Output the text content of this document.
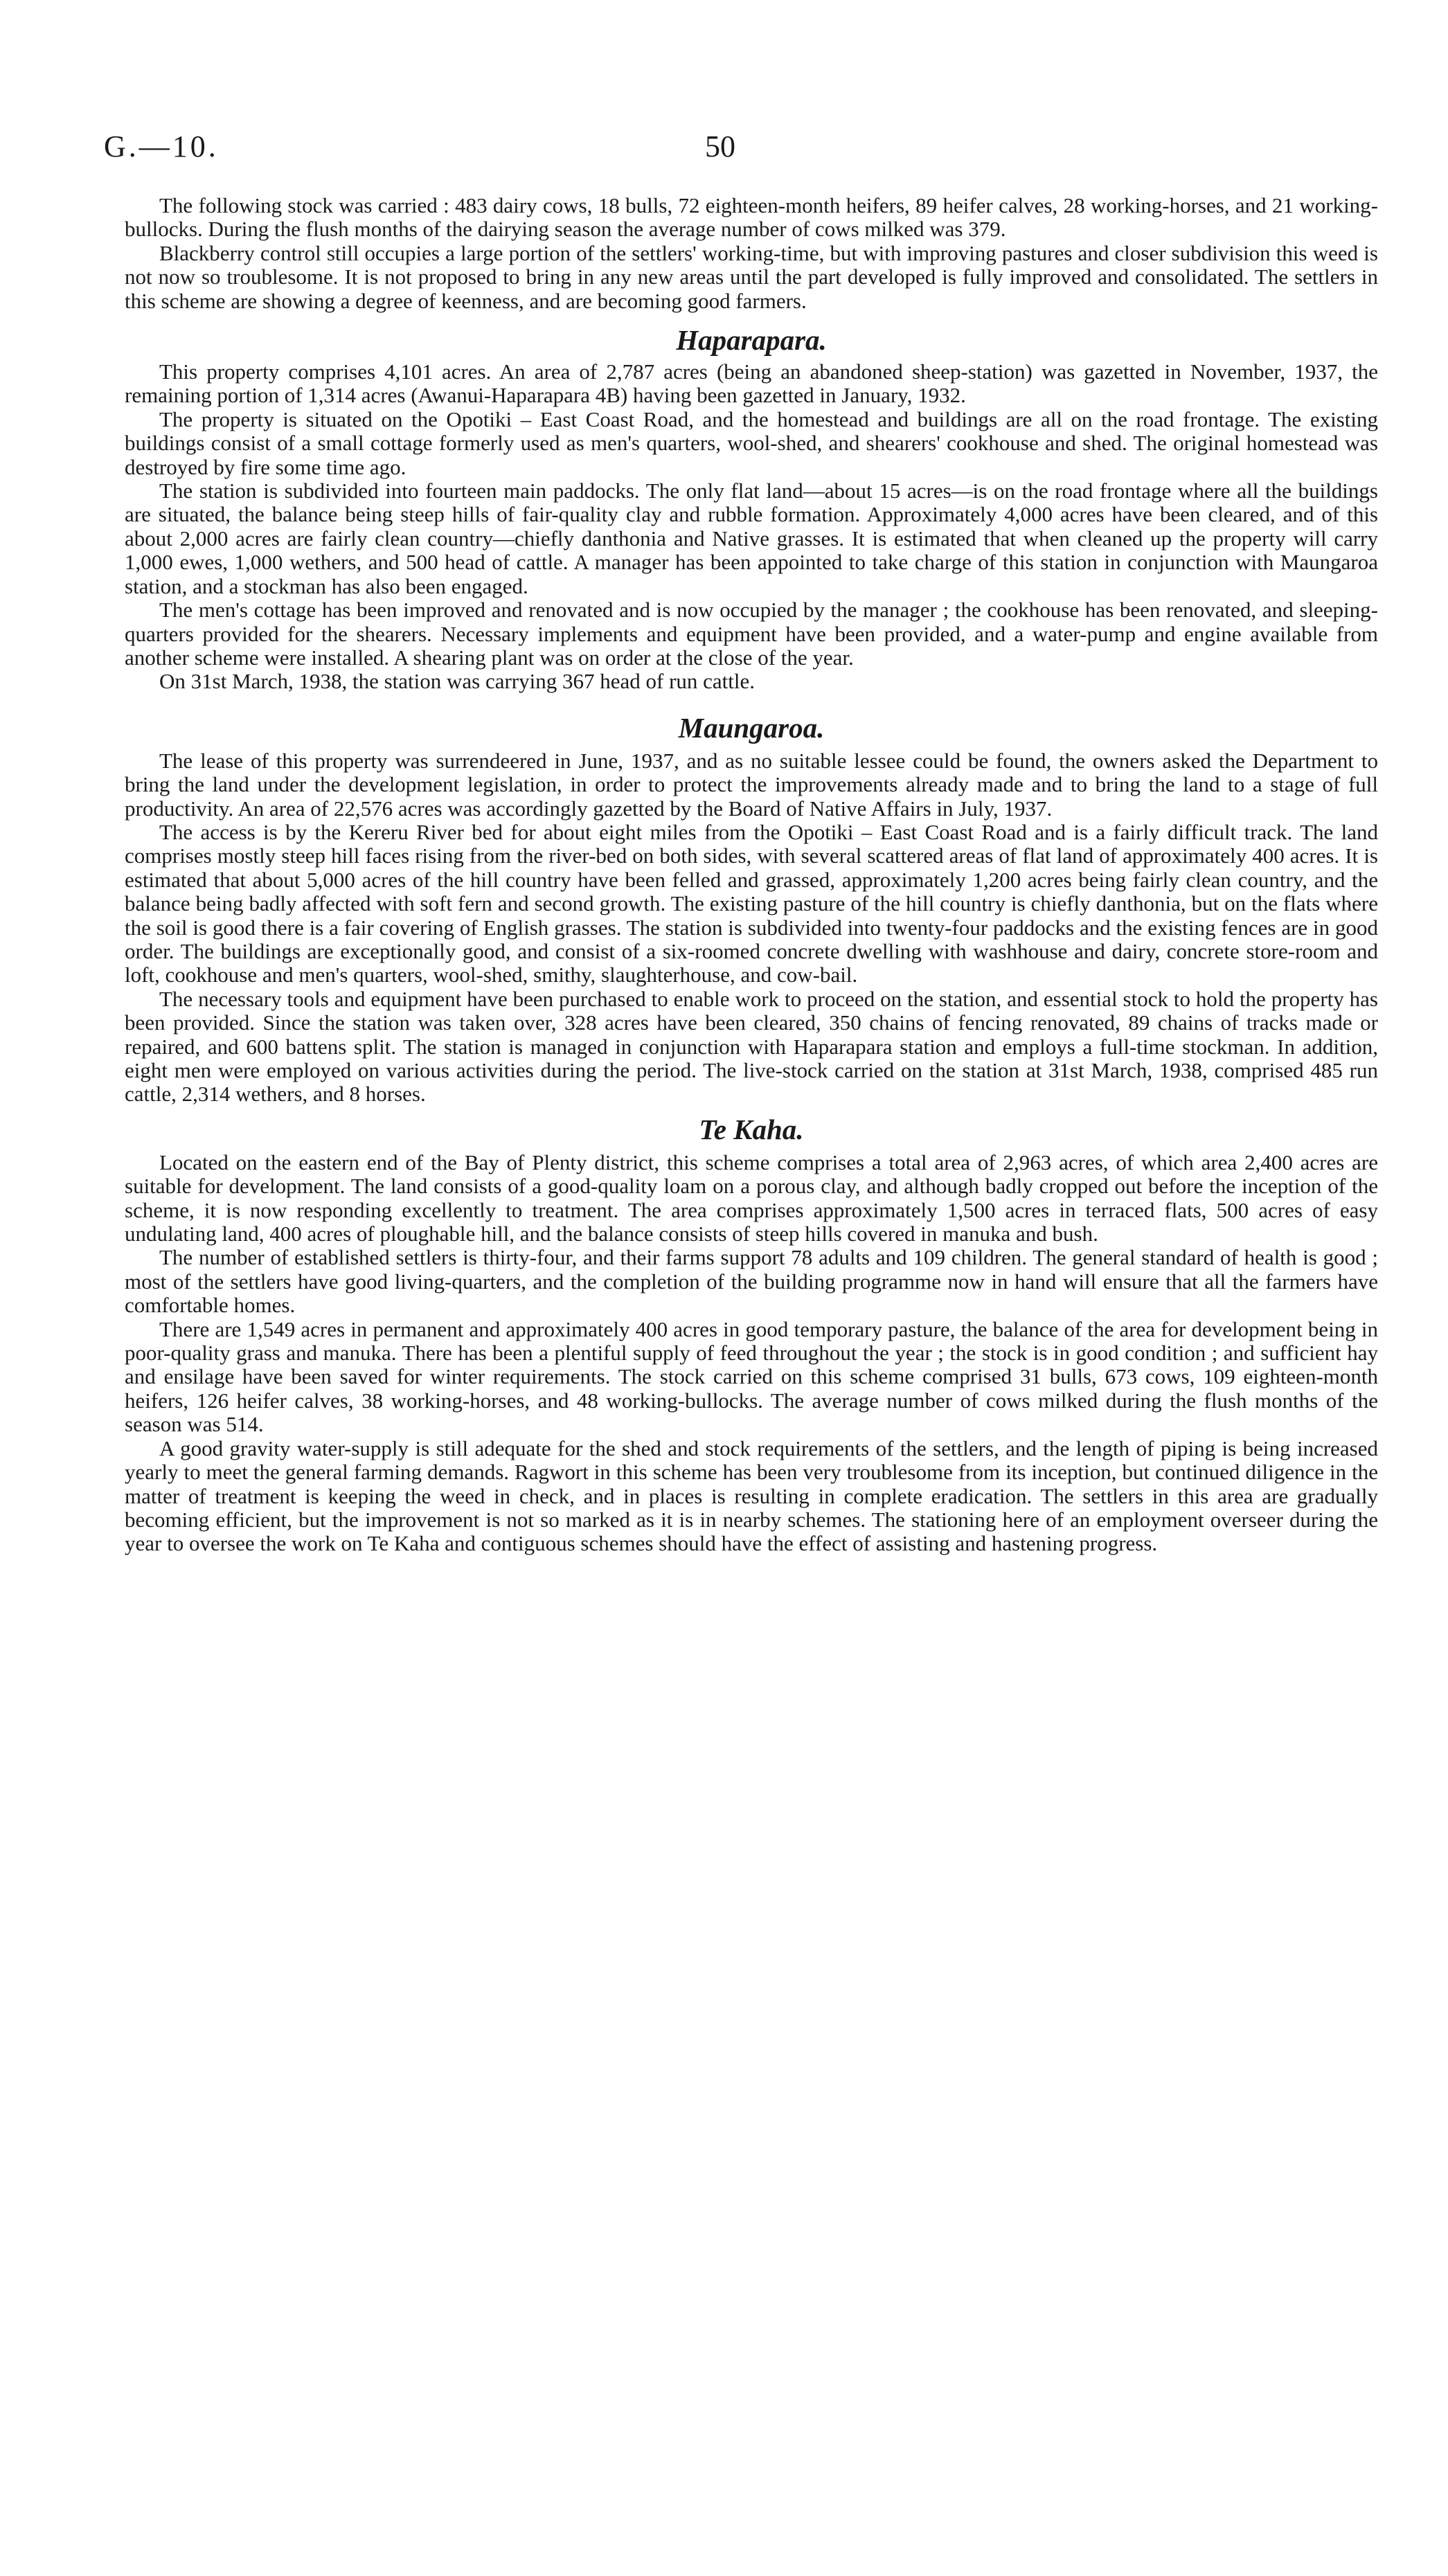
G.—10.	50

The following stock was carried : 483 dairy cows, 18 bulls, 72 eighteen-month heifers, 89 heifer calves, 28 working-horses, and 21 working-bullocks. During the flush months of the dairying season the average number of cows milked was 379.

Blackberry control still occupies a large portion of the settlers' working-time, but with improving pastures and closer subdivision this weed is not now so troublesome. It is not proposed to bring in any new areas until the part developed is fully improved and consolidated. The settlers in this scheme are showing a degree of keenness, and are becoming good farmers.

Haparapara.

This property comprises 4,101 acres. An area of 2,787 acres (being an abandoned sheep-station) was gazetted in November, 1937, the remaining portion of 1,314 acres (Awanui-Haparapara 4B) having been gazetted in January, 1932.

The property is situated on the Opotiki – East Coast Road, and the homestead and buildings are all on the road frontage. The existing buildings consist of a small cottage formerly used as men's quarters, wool-shed, and shearers' cookhouse and shed. The original homestead was destroyed by fire some time ago.

The station is subdivided into fourteen main paddocks. The only flat land—about 15 acres—is on the road frontage where all the buildings are situated, the balance being steep hills of fair-quality clay and rubble formation. Approximately 4,000 acres have been cleared, and of this about 2,000 acres are fairly clean country—chiefly danthonia and Native grasses. It is estimated that when cleaned up the property will carry 1,000 ewes, 1,000 wethers, and 500 head of cattle. A manager has been appointed to take charge of this station in conjunction with Maungaroa station, and a stockman has also been engaged.

The men's cottage has been improved and renovated and is now occupied by the manager ; the cookhouse has been renovated, and sleeping-quarters provided for the shearers. Necessary implements and equipment have been provided, and a water-pump and engine available from another scheme were installed. A shearing plant was on order at the close of the year.

On 31st March, 1938, the station was carrying 367 head of run cattle.

Maungaroa.

The lease of this property was surrendeered in June, 1937, and as no suitable lessee could be found, the owners asked the Department to bring the land under the development legislation, in order to protect the improvements already made and to bring the land to a stage of full productivity. An area of 22,576 acres was accordingly gazetted by the Board of Native Affairs in July, 1937.

The access is by the Kereru River bed for about eight miles from the Opotiki – East Coast Road and is a fairly difficult track. The land comprises mostly steep hill faces rising from the river-bed on both sides, with several scattered areas of flat land of approximately 400 acres. It is estimated that about 5,000 acres of the hill country have been felled and grassed, approximately 1,200 acres being fairly clean country, and the balance being badly affected with soft fern and second growth. The existing pasture of the hill country is chiefly danthonia, but on the flats where the soil is good there is a fair covering of English grasses. The station is subdivided into twenty-four paddocks and the existing fences are in good order. The buildings are exceptionally good, and consist of a six-roomed concrete dwelling with washhouse and dairy, concrete store-room and loft, cookhouse and men's quarters, wool-shed, smithy, slaughterhouse, and cow-bail.

The necessary tools and equipment have been purchased to enable work to proceed on the station, and essential stock to hold the property has been provided. Since the station was taken over, 328 acres have been cleared, 350 chains of fencing renovated, 89 chains of tracks made or repaired, and 600 battens split. The station is managed in conjunction with Haparapara station and employs a full-time stockman. In addition, eight men were employed on various activities during the period. The live-stock carried on the station at 31st March, 1938, comprised 485 run cattle, 2,314 wethers, and 8 horses.

Te Kaha.

Located on the eastern end of the Bay of Plenty district, this scheme comprises a total area of 2,963 acres, of which area 2,400 acres are suitable for development. The land consists of a good-quality loam on a porous clay, and although badly cropped out before the inception of the scheme, it is now responding excellently to treatment. The area comprises approximately 1,500 acres in terraced flats, 500 acres of easy undulating land, 400 acres of ploughable hill, and the balance consists of steep hills covered in manuka and bush.

The number of established settlers is thirty-four, and their farms support 78 adults and 109 children. The general standard of health is good ; most of the settlers have good living-quarters, and the completion of the building programme now in hand will ensure that all the farmers have comfortable homes.

There are 1,549 acres in permanent and approximately 400 acres in good temporary pasture, the balance of the area for development being in poor-quality grass and manuka. There has been a plentiful supply of feed throughout the year ; the stock is in good condition ; and sufficient hay and ensilage have been saved for winter requirements. The stock carried on this scheme comprised 31 bulls, 673 cows, 109 eighteen-month heifers, 126 heifer calves, 38 working-horses, and 48 working-bullocks. The average number of cows milked during the flush months of the season was 514.

A good gravity water-supply is still adequate for the shed and stock requirements of the settlers, and the length of piping is being increased yearly to meet the general farming demands. Ragwort in this scheme has been very troublesome from its inception, but continued diligence in the matter of treatment is keeping the weed in check, and in places is resulting in complete eradication. The settlers in this area are gradually becoming efficient, but the improvement is not so marked as it is in nearby schemes. The stationing here of an employment overseer during the year to oversee the work on Te Kaha and contiguous schemes should have the effect of assisting and hastening progress.
